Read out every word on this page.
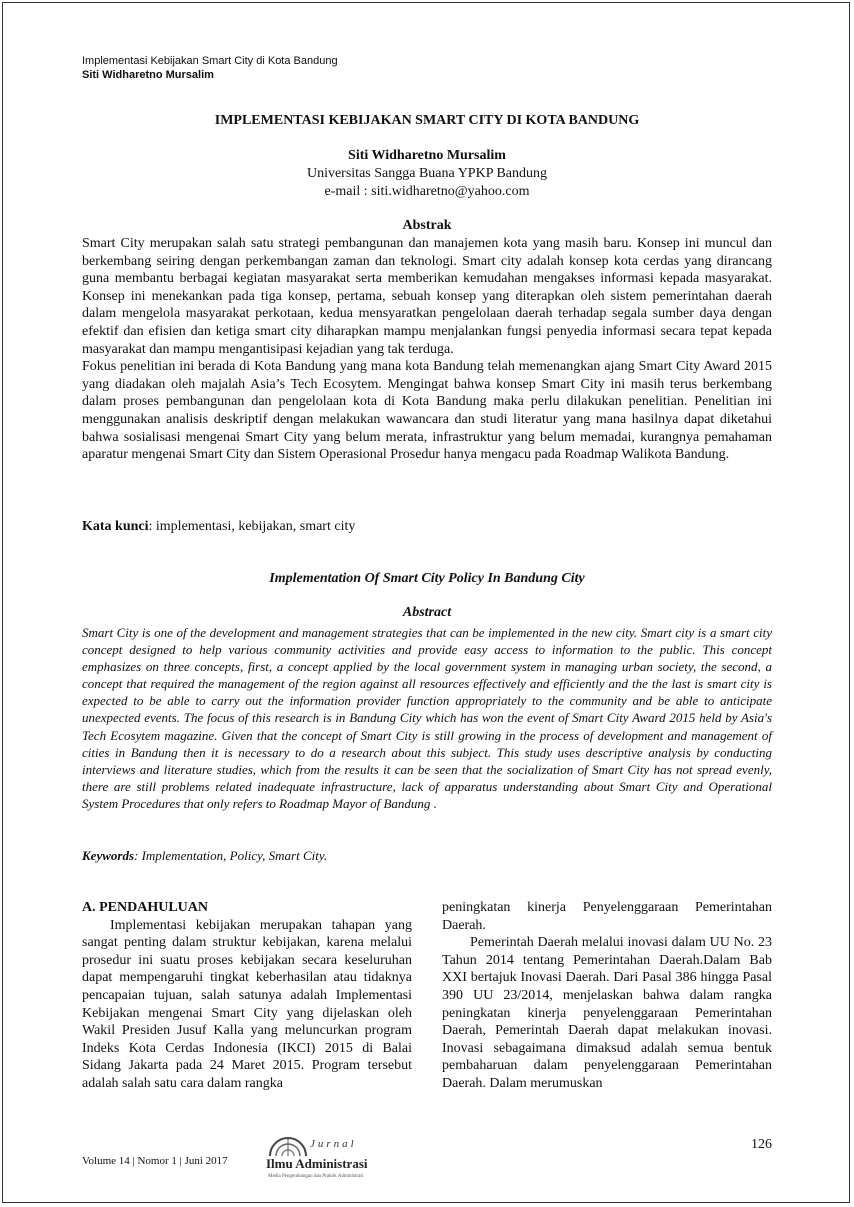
Implementasi Kebijakan Smart City di Kota Bandung
Siti Widharetno Mursalim
IMPLEMENTASI KEBIJAKAN SMART CITY DI KOTA BANDUNG
Siti Widharetno Mursalim
Universitas Sangga Buana YPKP Bandung
e-mail : siti.widharetno@yahoo.com
Abstrak

Smart City merupakan salah satu strategi pembangunan dan manajemen kota yang masih baru. Konsep ini muncul dan berkembang seiring dengan perkembangan zaman dan teknologi. Smart city adalah konsep kota cerdas yang dirancang guna membantu berbagai kegiatan masyarakat serta memberikan kemudahan mengakses informasi kepada masyarakat. Konsep ini menekankan pada tiga konsep, pertama, sebuah konsep yang diterapkan oleh sistem pemerintahan daerah dalam mengelola masyarakat perkotaan, kedua mensyaratkan pengelolaan daerah terhadap segala sumber daya dengan efektif dan efisien dan ketiga smart city diharapkan mampu menjalankan fungsi penyedia informasi secara tepat kepada masyarakat dan mampu mengantisipasi kejadian yang tak terduga.

Fokus penelitian ini berada di Kota Bandung yang mana kota Bandung telah memenangkan ajang Smart City Award 2015 yang diadakan oleh majalah Asia’s Tech Ecosytem. Mengingat bahwa konsep Smart City ini masih terus berkembang dalam proses pembangunan dan pengelolaan kota di Kota Bandung maka perlu dilakukan penelitian. Penelitian ini menggunakan analisis deskriptif dengan melakukan wawancara dan studi literatur yang mana hasilnya dapat diketahui bahwa sosialisasi mengenai Smart City yang belum merata, infrastruktur yang belum memadai, kurangnya pemahaman aparatur mengenai Smart City dan Sistem Operasional Prosedur hanya mengacu pada Roadmap Walikota Bandung.

Kata kunci: implementasi, kebijakan, smart city
Implementation Of Smart City Policy In Bandung City
Abstract
Smart City is one of the development and management strategies that can be implemented in the new city. Smart city is a smart city concept designed to help various community activities and provide easy access to information to the public. This concept emphasizes on three concepts, first, a concept applied by the local government system in managing urban society, the second, a concept that required the management of the region against all resources effectively and efficiently and the the last is smart city is expected to be able to carry out the information provider function appropriately to the community and be able to anticipate unexpected events. The focus of this research is in Bandung City which has won the event of Smart City Award 2015 held by Asia's Tech Ecosytem magazine. Given that the concept of Smart City is still growing in the process of development and management of cities in Bandung then it is necessary to do a research about this subject. This study uses descriptive analysis by conducting interviews and literature studies, which from the results it can be seen that the socialization of Smart City has not spread evenly, there are still problems related inadequate infrastructure, lack of apparatus understanding about Smart City and Operational System Procedures that only refers to Roadmap Mayor of Bandung .
Keywords: Implementation, Policy, Smart City.

A. PENDAHULUAN

Implementasi kebijakan merupakan tahapan yang sangat penting dalam struktur kebijakan, karena melalui prosedur ini suatu proses kebijakan secara keseluruhan dapat mempengaruhi tingkat keberhasilan atau tidaknya pencapaian tujuan, salah satunya adalah Implementasi Kebijakan mengenai Smart City yang dijelaskan oleh Wakil Presiden Jusuf Kalla yang meluncurkan program Indeks Kota Cerdas Indonesia (IKCI) 2015 di Balai Sidang Jakarta pada 24 Maret 2015. Program tersebut adalah salah satu cara dalam rangka

peningkatan kinerja Penyelenggaraan Pemerintahan Daerah.

Pemerintah Daerah melalui inovasi dalam UU No. 23 Tahun 2014 tentang Pemerintahan Daerah.Dalam Bab XXI bertajuk Inovasi Daerah. Dari Pasal 386 hingga Pasal 390 UU 23/2014, menjelaskan bahwa dalam rangka peningkatan kinerja penyelenggaraan Pemerintahan Daerah, Pemerintah Daerah dapat melakukan inovasi. Inovasi sebagaimana dimaksud adalah semua bentuk pembaharuan dalam penyelenggaraan Pemerintahan Daerah. Dalam merumuskan

126
Volume 14 | Nomor 1 | Juni 2017
Jurnal
Ilmu Administrasi
Media Pengembangan dan Praktik Administrasi
